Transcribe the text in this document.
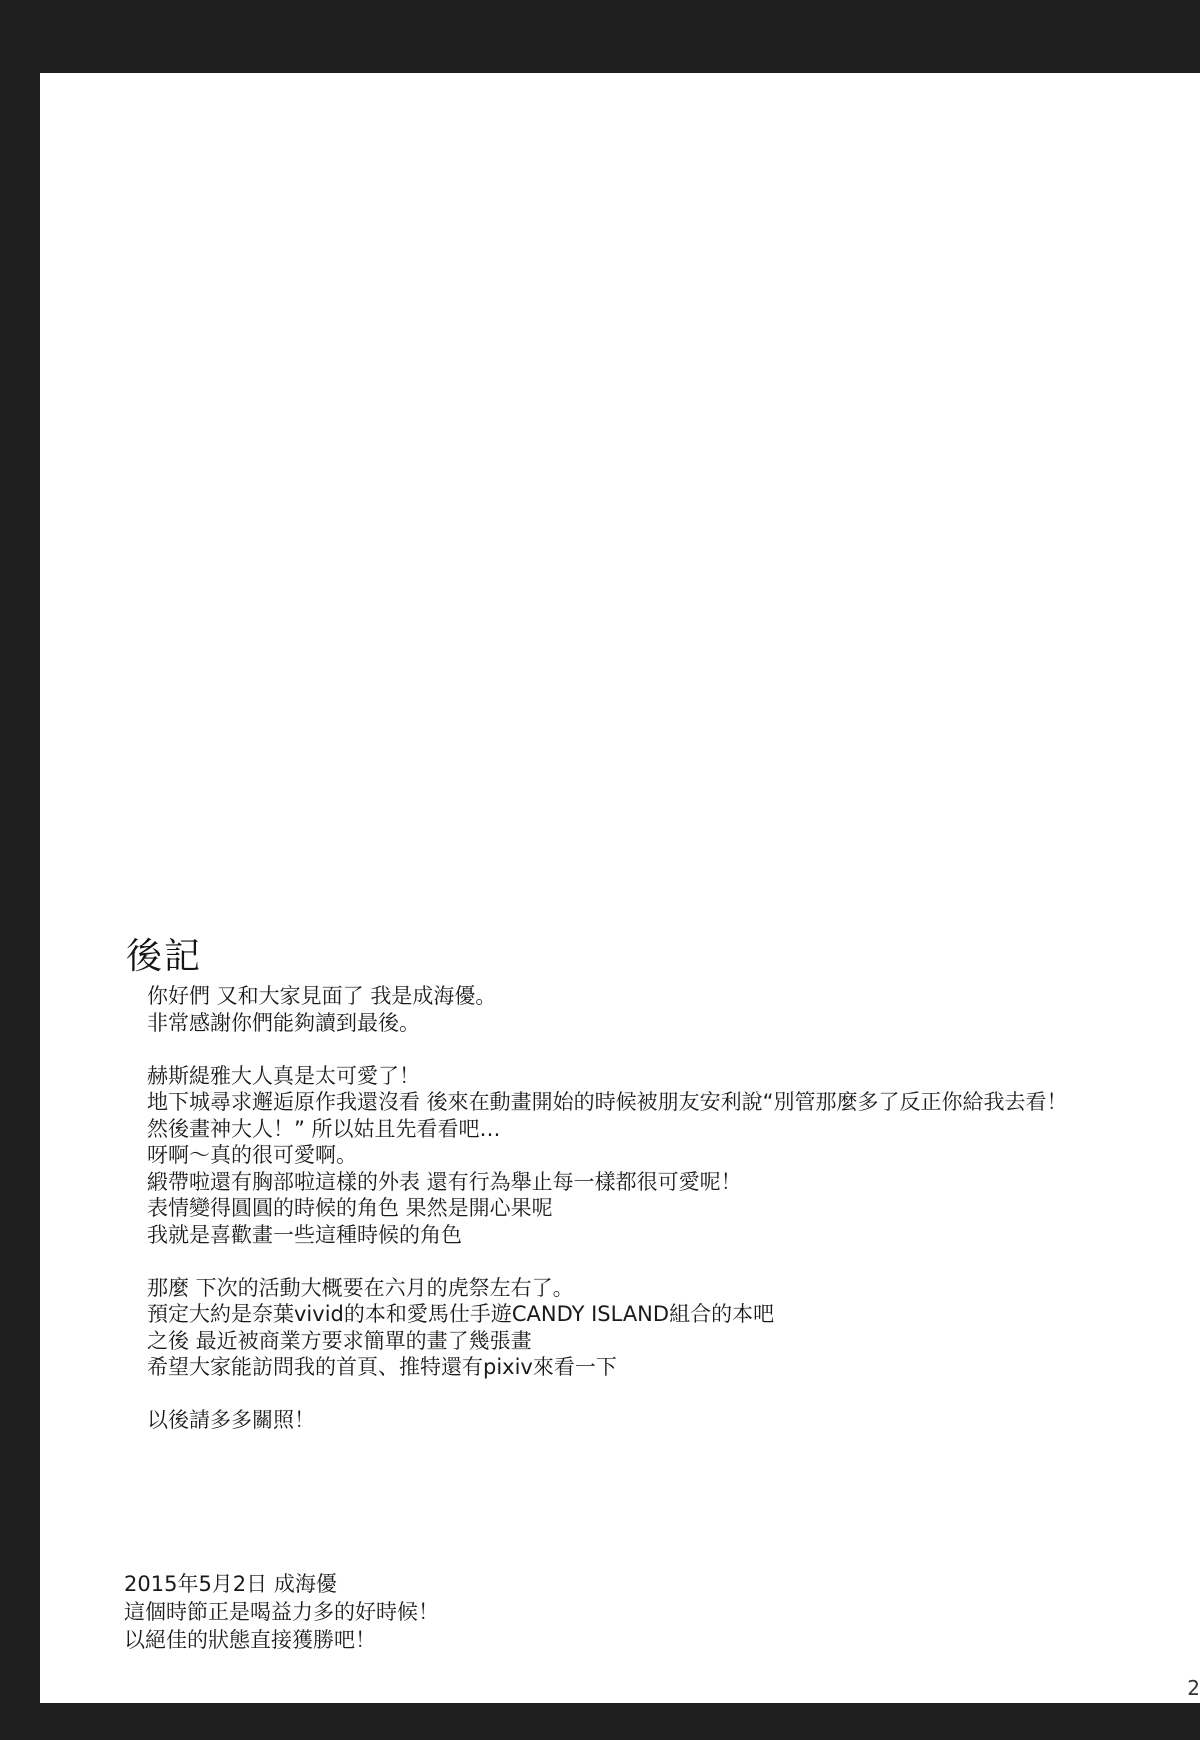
後記
你好們 又和大家見面了 我是成海優。
非常感謝你們能夠讀到最後。
赫斯緹雅大人真是太可愛了！
地下城尋求邂逅原作我還沒看 後來在動畫開始的時候被朋友安利說“別管那麼多了反正你給我去看！
然後畫神大人！” 所以姑且先看看吧…
呀啊～真的很可愛啊。
緞帶啦還有胸部啦這樣的外表 還有行為舉止每一樣都很可愛呢！
表情變得圓圓的時候的角色 果然是開心果呢
我就是喜歡畫一些這種時候的角色
那麼 下次的活動大概要在六月的虎祭左右了。
預定大約是奈葉vivid的本和愛馬仕手遊CANDY ISLAND組合的本吧
之後 最近被商業方要求簡單的畫了幾張畫
希望大家能訪問我的首頁、推特還有pixiv來看一下
以後請多多關照！
2015年5月2日 成海優
這個時節正是喝益力多的好時候！
以絕佳的狀態直接獲勝吧！
2
